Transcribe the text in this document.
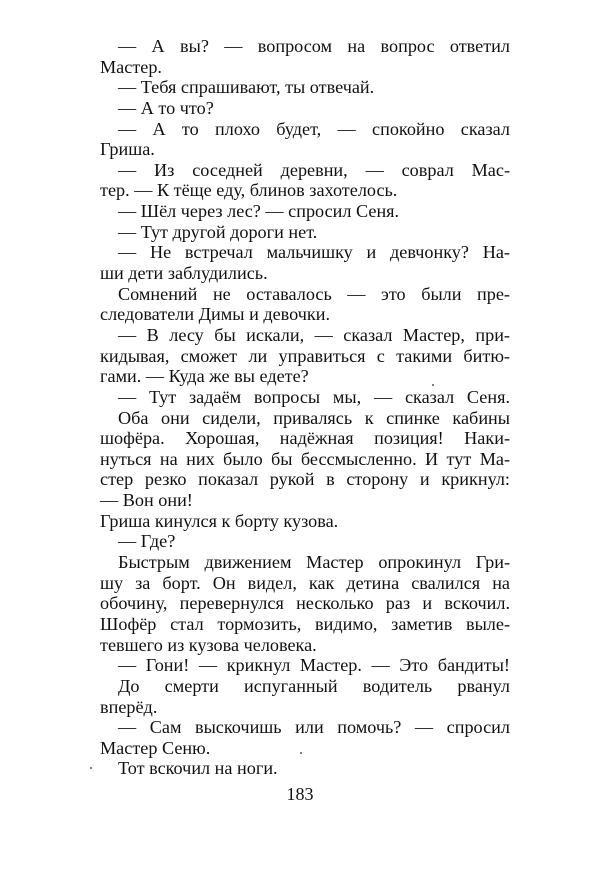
— А вы? — вопросом на вопрос ответил
Мастер.
— Тебя спрашивают, ты отвечай.
— А то что?
— А то плохо будет, — спокойно сказал
Гриша.
— Из соседней деревни, — соврал Мас-
тер. — К тёще еду, блинов захотелось.
— Шёл через лес? — спросил Сеня.
— Тут другой дороги нет.
— Не встречал мальчишку и девчонку? На-
ши дети заблудились.
Сомнений не оставалось — это были пре-
следователи Димы и девочки.
— В лесу бы искали, — сказал Мастер, при-
кидывая, сможет ли управиться с такими битю-
гами. — Куда же вы едете?
— Тут задаём вопросы мы, — сказал Сеня.
Оба они сидели, привалясь к спинке кабины
шофёра. Хорошая, надёжная позиция! Наки-
нуться на них было бы бессмысленно. И тут Ма-
стер резко показал рукой в сторону и крикнул:
— Вон они!
Гриша кинулся к борту кузова.
— Где?
Быстрым движением Мастер опрокинул Гри-
шу за борт. Он видел, как детина свалился на
обочину, перевернулся несколько раз и вскочил.
Шофёр стал тормозить, видимо, заметив выле-
тевшего из кузова человека.
— Гони! — крикнул Мастер. — Это бандиты!
До смерти испуганный водитель рванул
вперёд.
— Сам выскочишь или помочь? — спросил
Мастер Сеню.
Тот вскочил на ноги.
183
